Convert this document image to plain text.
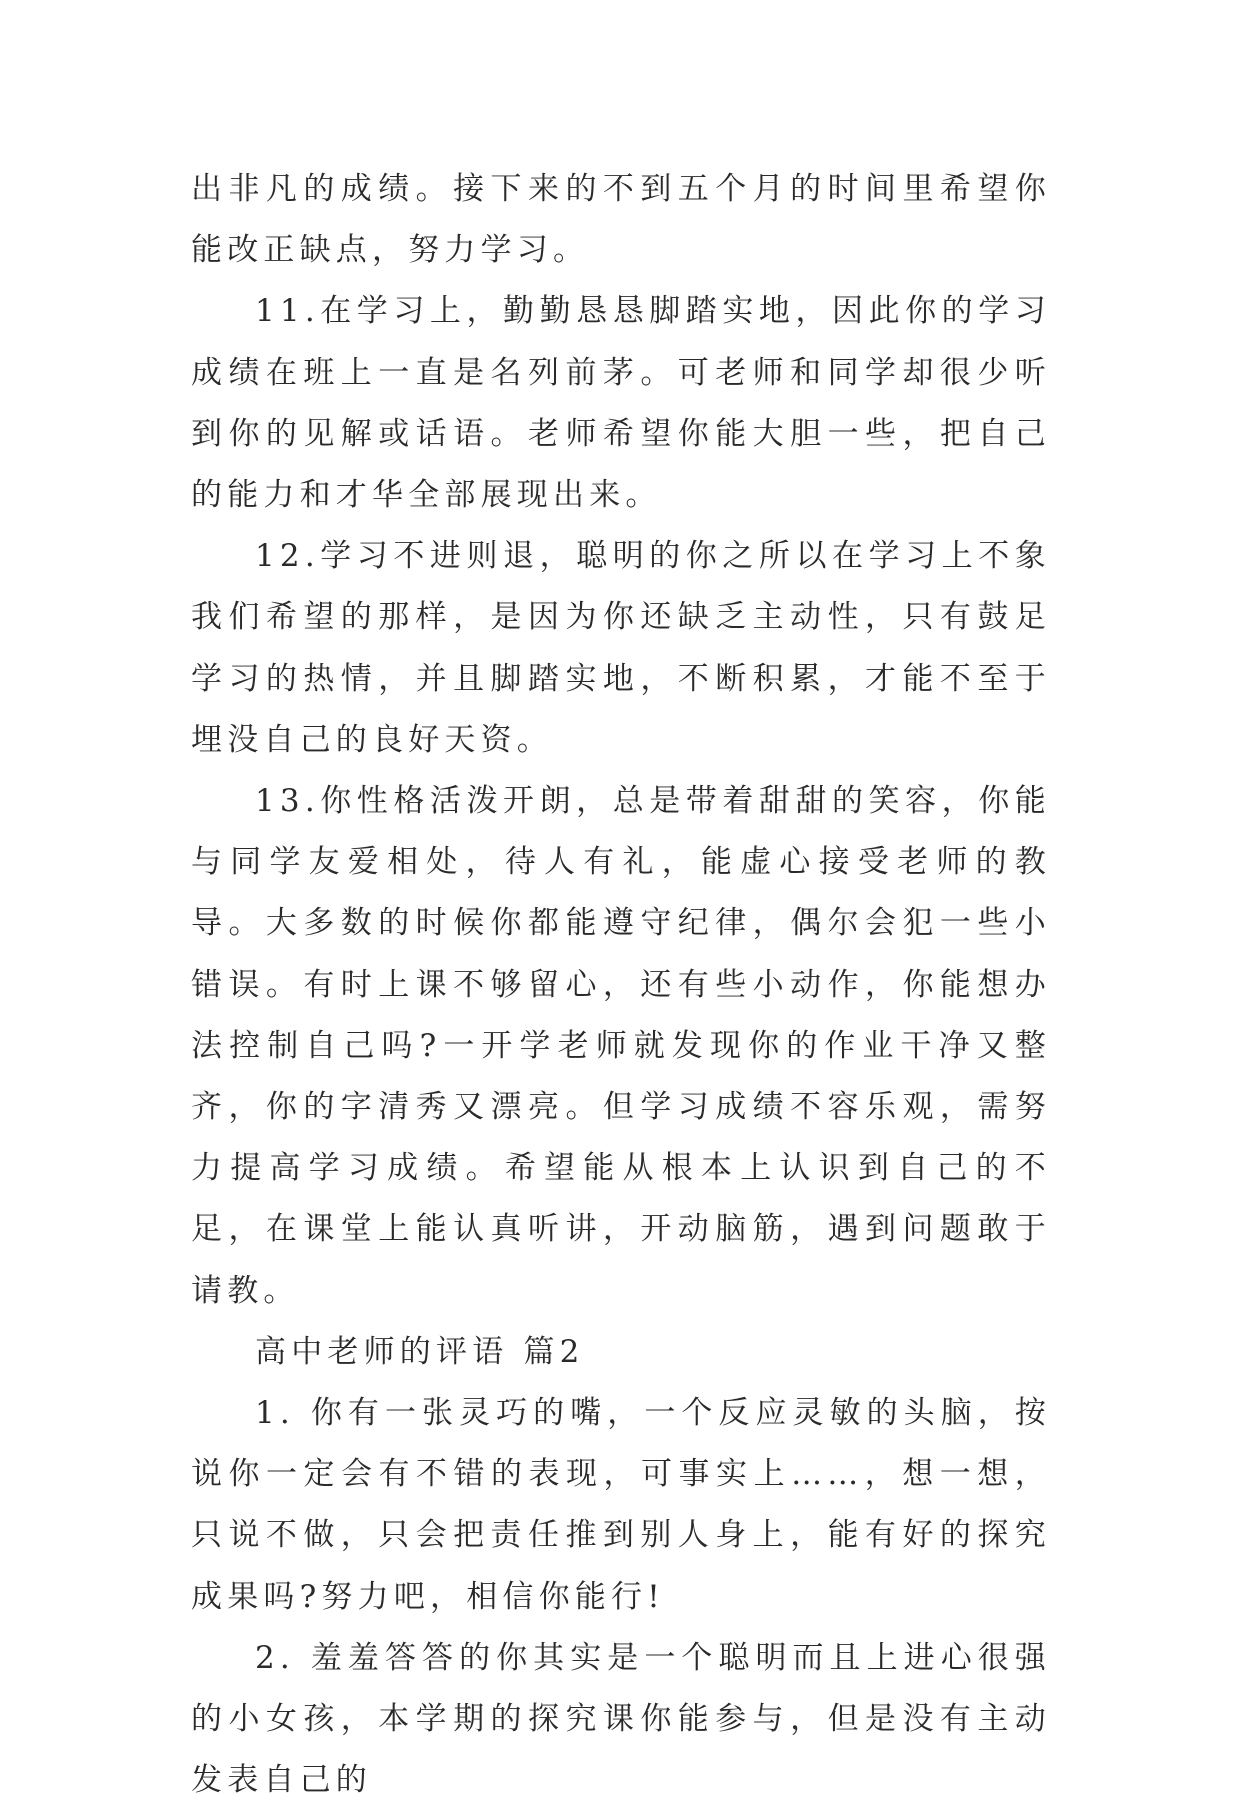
出非凡的成绩。接下来的不到五个月的时间里希望你能改正缺点，努力学习。

11.在学习上，勤勤恳恳脚踏实地，因此你的学习成绩在班上一直是名列前茅。可老师和同学却很少听到你的见解或话语。老师希望你能大胆一些，把自己的能力和才华全部展现出来。

12.学习不进则退，聪明的你之所以在学习上不象我们希望的那样，是因为你还缺乏主动性，只有鼓足学习的热情，并且脚踏实地，不断积累，才能不至于埋没自己的良好天资。

13.你性格活泼开朗，总是带着甜甜的笑容，你能与同学友爱相处，待人有礼，能虚心接受老师的教导。大多数的时候你都能遵守纪律，偶尔会犯一些小错误。有时上课不够留心，还有些小动作，你能想办法控制自己吗?一开学老师就发现你的作业干净又整齐，你的字清秀又漂亮。但学习成绩不容乐观，需努力提高学习成绩。希望能从根本上认识到自己的不足，在课堂上能认真听讲，开动脑筋，遇到问题敢于请教。

高中老师的评语 篇2

1. 你有一张灵巧的嘴，一个反应灵敏的头脑，按说你一定会有不错的表现，可事实上……，想一想，只说不做，只会把责任推到别人身上，能有好的探究成果吗?努力吧，相信你能行!

2. 羞羞答答的你其实是一个聪明而且上进心很强的小女孩，本学期的探究课你能参与，但是没有主动发表自己的
